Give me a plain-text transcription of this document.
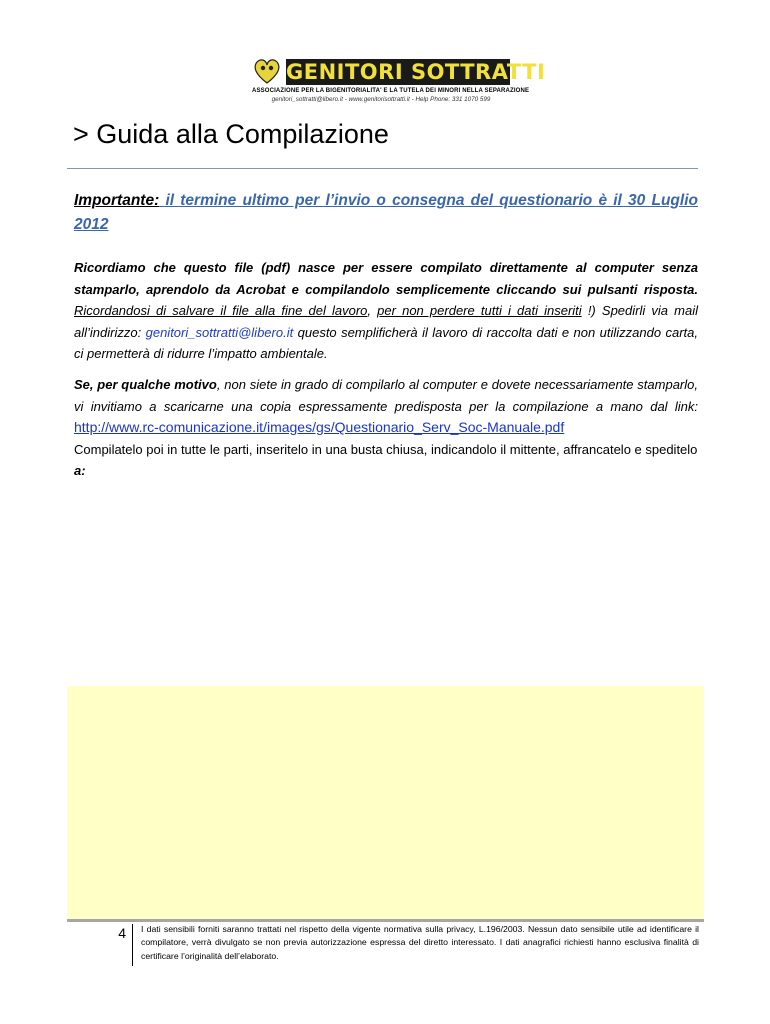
GENITORI SOTTRATTI
ASSOCIAZIONE PER LA BIGENITORIALITA' E LA TUTELA DEI MINORI NELLA SEPARAZIONE
genitori_sottratti@libero.it - www.genitorisottratti.it - Help Phone: 331 1070 599
> Guida alla Compilazione
Importante: il termine ultimo per l’invio o consegna del questionario è il 30 Luglio 2012
Ricordiamo che questo file (pdf) nasce per essere compilato direttamente al computer senza stamparlo, aprendolo da Acrobat e compilandolo semplicemente cliccando sui pulsanti risposta. Ricordandosi di salvare il file alla fine del lavoro, per non perdere tutti i dati inseriti !) Spedirli via mail all’indirizzo: genitori_sottratti@libero.it questo semplificherà il lavoro di raccolta dati e non utilizzando carta, ci permetterà di ridurre l’impatto ambientale.
Se, per qualche motivo, non siete in grado di compilarlo al computer e dovete necessariamente stamparlo, vi invitiamo a scaricarne una copia espressamente predisposta per la compilazione a mano dal link: http://www.rc-comunicazione.it/images/gs/Questionario_Serv_Soc-Manuale.pdf
Compilatelo poi in tutte le parti, inseritelo in una busta chiusa, indicandolo il mittente, affrancatelo e speditelo
a:
4 I dati sensibili forniti saranno trattati nel rispetto della vigente normativa sulla privacy, L.196/2003. Nessun dato sensibile utile ad identificare il compilatore, verrà divulgato se non previa autorizzazione espressa del diretto interessato. I dati anagrafici richiesti hanno esclusiva finalità di certificare l’originalità dell’elaborato.
